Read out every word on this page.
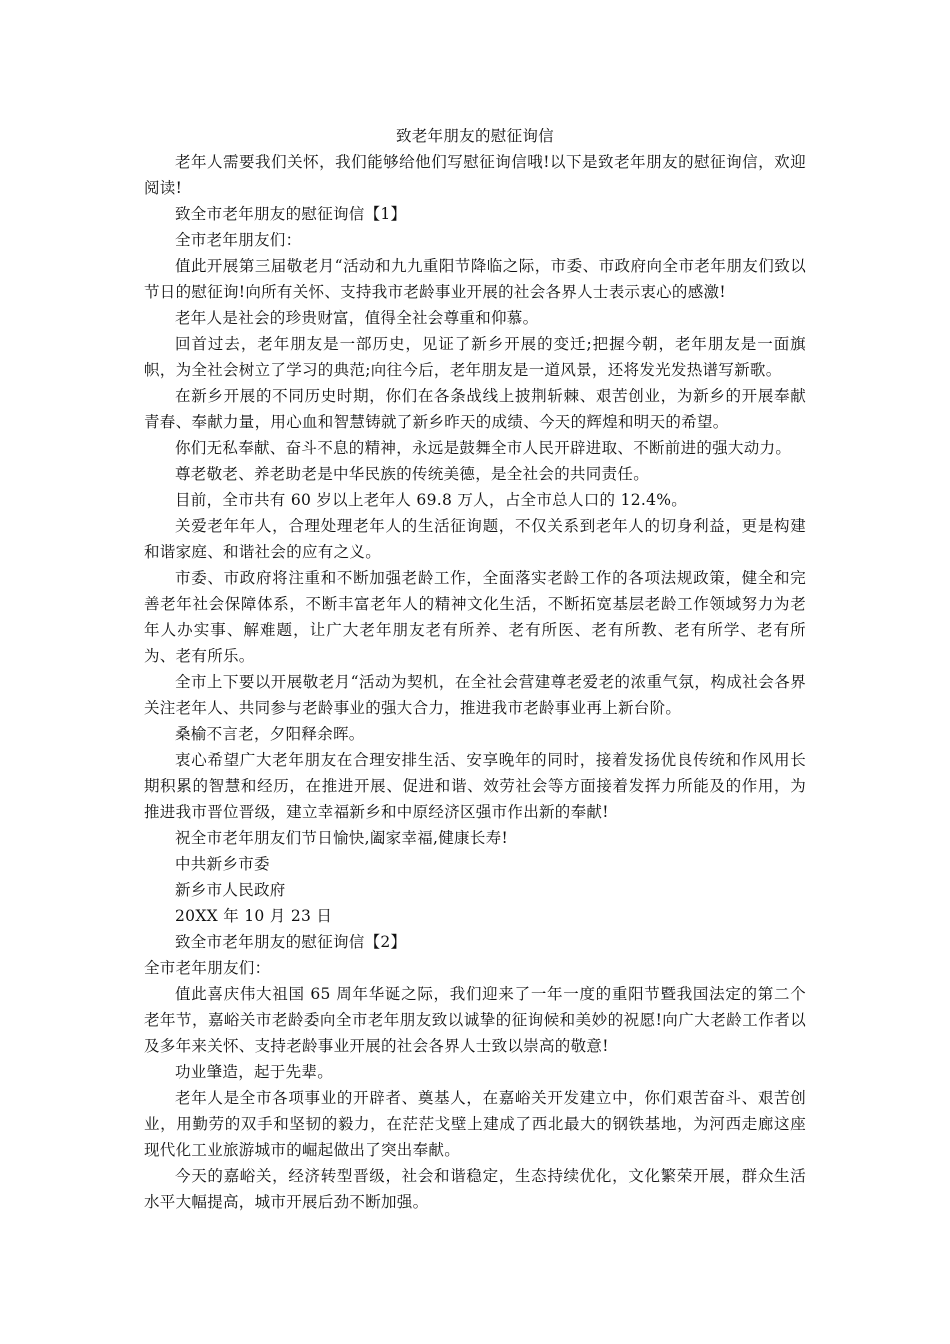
致老年朋友的慰征询信

老年人需要我们关怀，我们能够给他们写慰征询信哦!以下是致老年朋友的慰征询信，欢迎阅读!

致全市老年朋友的慰征询信【1】

全市老年朋友们：

值此开展第三届敬老月“活动和九九重阳节降临之际，市委、市政府向全市老年朋友们致以节日的慰征询!向所有关怀、支持我市老龄事业开展的社会各界人士表示衷心的感激!

老年人是社会的珍贵财富，值得全社会尊重和仰慕。

回首过去，老年朋友是一部历史，见证了新乡开展的变迁;把握今朝，老年朋友是一面旗帜，为全社会树立了学习的典范;向往今后，老年朋友是一道风景，还将发光发热谱写新歌。

在新乡开展的不同历史时期，你们在各条战线上披荆斩棘、艰苦创业，为新乡的开展奉献青春、奉献力量，用心血和智慧铸就了新乡昨天的成绩、今天的辉煌和明天的希望。

你们无私奉献、奋斗不息的精神，永远是鼓舞全市人民开辟进取、不断前进的强大动力。

尊老敬老、养老助老是中华民族的传统美德，是全社会的共同责任。

目前，全市共有 60 岁以上老年人 69.8 万人，占全市总人口的 12.4%。

关爱老年年人，合理处理老年人的生活征询题，不仅关系到老年人的切身利益，更是构建和谐家庭、和谐社会的应有之义。

市委、市政府将注重和不断加强老龄工作，全面落实老龄工作的各项法规政策，健全和完善老年社会保障体系，不断丰富老年人的精神文化生活，不断拓宽基层老龄工作领域努力为老年人办实事、解难题，让广大老年朋友老有所养、老有所医、老有所教、老有所学、老有所为、老有所乐。

全市上下要以开展敬老月“活动为契机，在全社会营建尊老爱老的浓重气氛，构成社会各界关注老年人、共同参与老龄事业的强大合力，推进我市老龄事业再上新台阶。

桑榆不言老，夕阳释余晖。

衷心希望广大老年朋友在合理安排生活、安享晚年的同时，接着发扬优良传统和作风用长期积累的智慧和经历，在推进开展、促进和谐、效劳社会等方面接着发挥力所能及的作用，为推进我市晋位晋级，建立幸福新乡和中原经济区强市作出新的奉献!

祝全市老年朋友们节日愉快,阖家幸福,健康长寿!

中共新乡市委

新乡市人民政府

20XX 年 10 月 23 日

致全市老年朋友的慰征询信【2】

全市老年朋友们：

值此喜庆伟大祖国 65 周年华诞之际，我们迎来了一年一度的重阳节暨我国法定的第二个老年节，嘉峪关市老龄委向全市老年朋友致以诚挚的征询候和美妙的祝愿!向广大老龄工作者以及多年来关怀、支持老龄事业开展的社会各界人士致以崇高的敬意!

功业肇造，起于先辈。

老年人是全市各项事业的开辟者、奠基人，在嘉峪关开发建立中，你们艰苦奋斗、艰苦创业，用勤劳的双手和坚韧的毅力，在茫茫戈壁上建成了西北最大的钢铁基地，为河西走廊这座现代化工业旅游城市的崛起做出了突出奉献。

今天的嘉峪关，经济转型晋级，社会和谐稳定，生态持续优化，文化繁荣开展，群众生活水平大幅提高，城市开展后劲不断加强。
